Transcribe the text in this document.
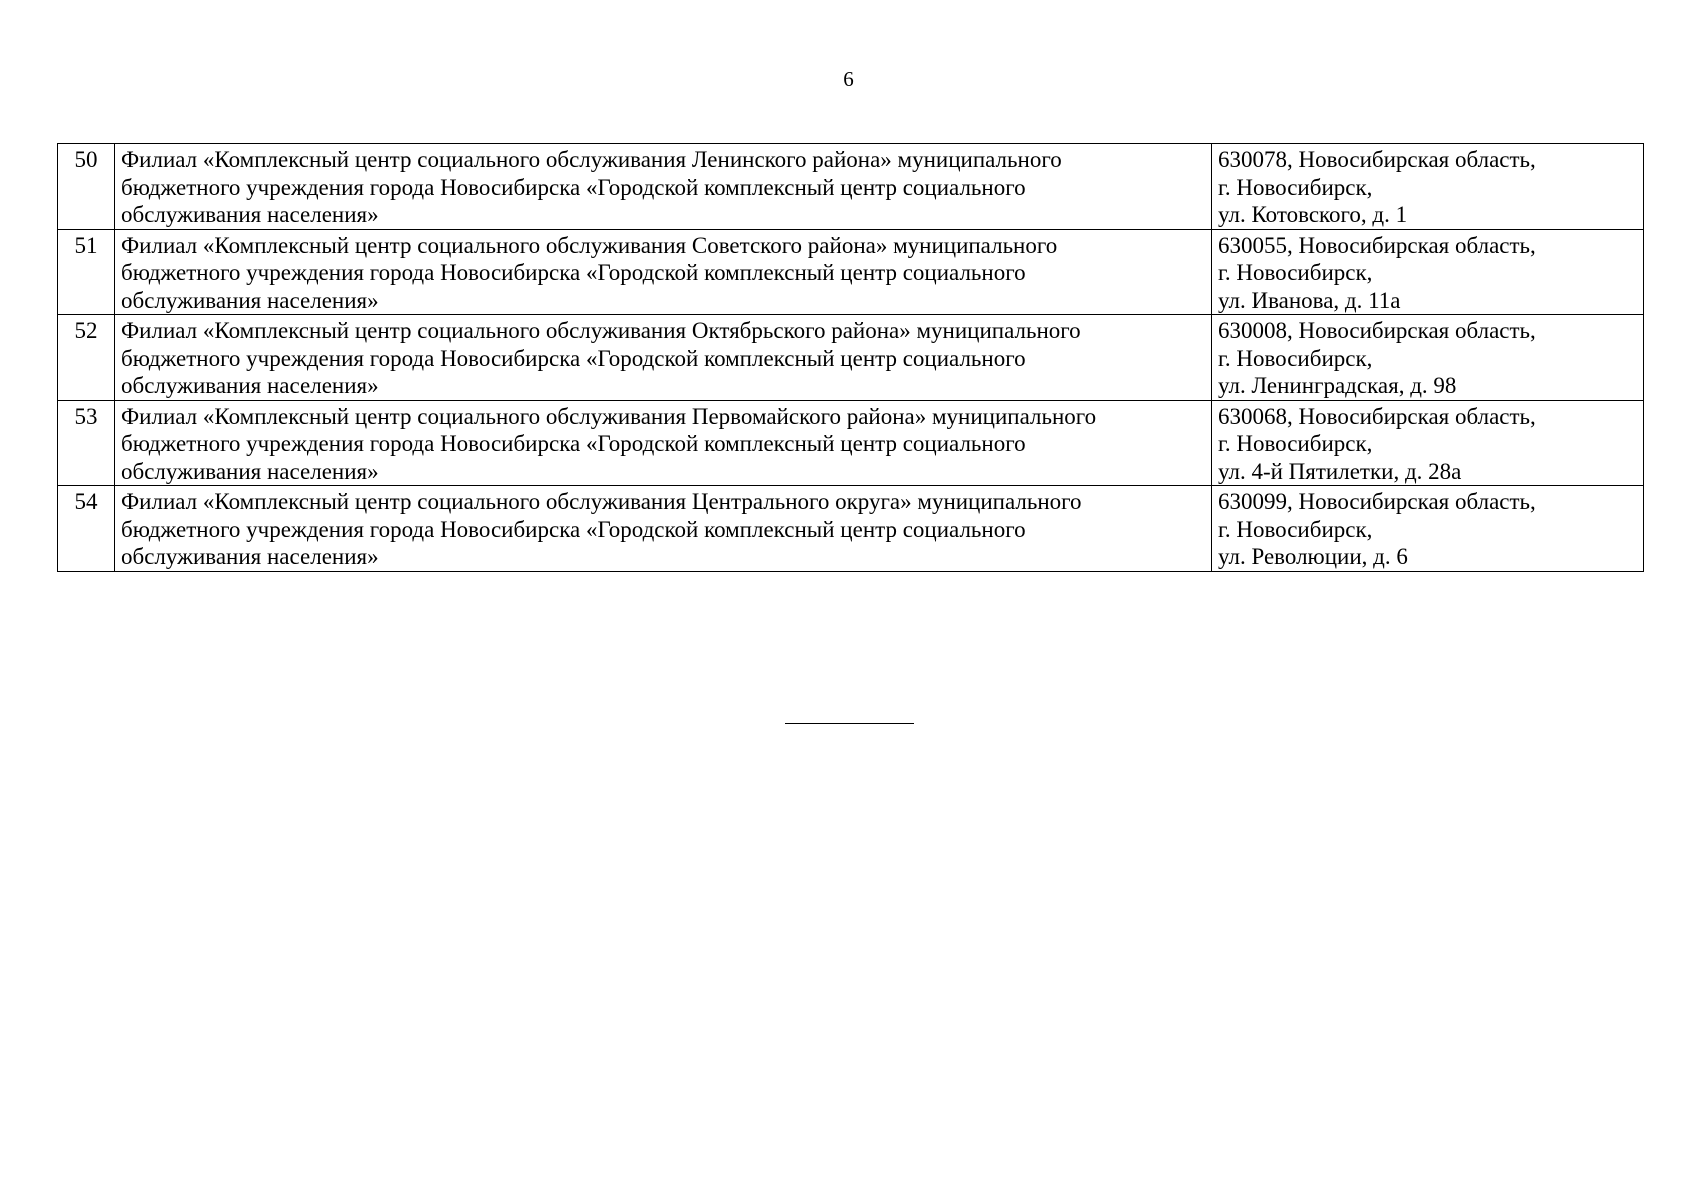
6
50	Филиал «Комплексный центр социального обслуживания Ленинского района» муниципального
бюджетного учреждения города Новосибирска «Городской комплексный центр социального
обслуживания населения»	630078, Новосибирская область,
г. Новосибирск,
ул. Котовского, д. 1

51	Филиал «Комплексный центр социального обслуживания Советского района» муниципального
бюджетного учреждения города Новосибирска «Городской комплексный центр социального
обслуживания населения»	630055, Новосибирская область,
г. Новосибирск,
ул. Иванова, д. 11а

52	Филиал «Комплексный центр социального обслуживания Октябрьского района» муниципального
бюджетного учреждения города Новосибирска «Городской комплексный центр социального
обслуживания населения»	630008, Новосибирская область,
г. Новосибирск,
ул. Ленинградская, д. 98

53	Филиал «Комплексный центр социального обслуживания Первомайского района» муниципального
бюджетного учреждения города Новосибирска «Городской комплексный центр социального
обслуживания населения»	630068, Новосибирская область,
г. Новосибирск,
ул. 4-й Пятилетки, д. 28а

54	Филиал «Комплексный центр социального обслуживания Центрального округа» муниципального
бюджетного учреждения города Новосибирска «Городской комплексный центр социального
обслуживания населения»	630099, Новосибирская область,
г. Новосибирск,
ул. Революции, д. 6
